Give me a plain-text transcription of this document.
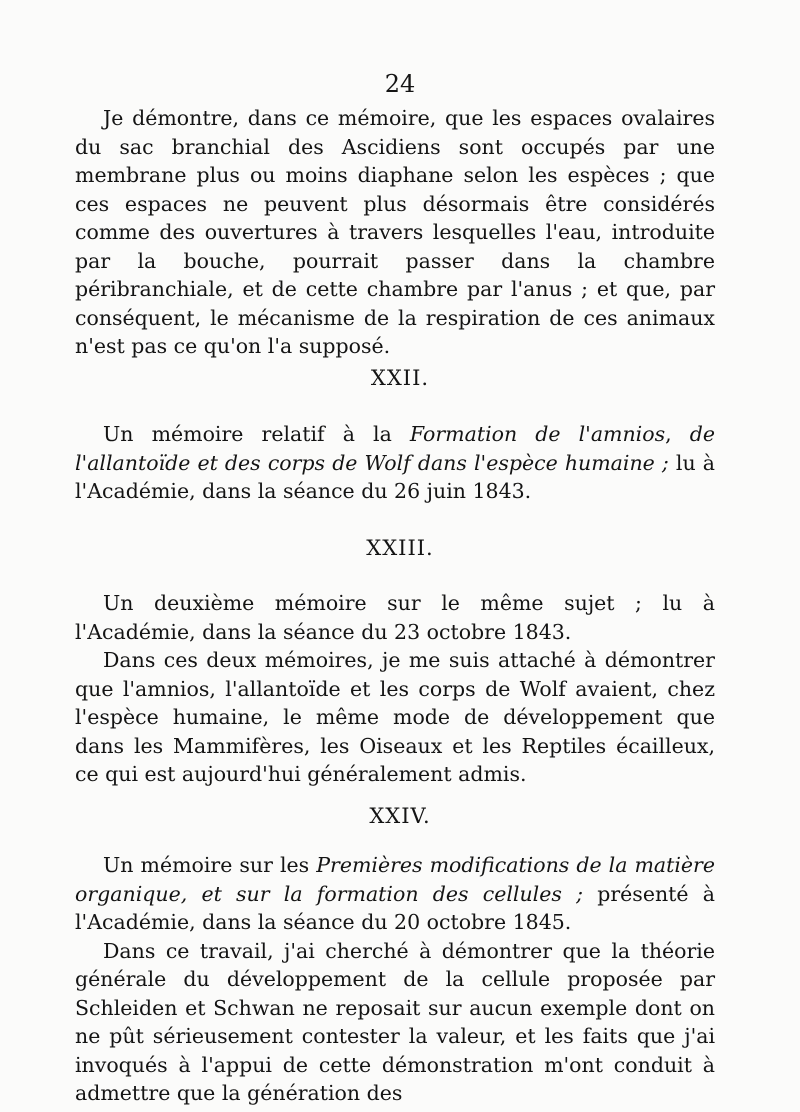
24

Je démontre, dans ce mémoire, que les espaces ovalaires du sac branchial des Ascidiens sont occupés par une membrane plus ou moins diaphane selon les espèces ; que ces espaces ne peuvent plus désormais être considérés comme des ouvertures à travers lesquelles l'eau, introduite par la bouche, pourrait passer dans la chambre péribranchiale, et de cette chambre par l'anus ; et que, par conséquent, le mécanisme de la respiration de ces animaux n'est pas ce qu'on l'a supposé.

XXII.

Un mémoire relatif à la Formation de l'amnios, de l'allantoïde et des corps de Wolf dans l'espèce humaine ; lu à l'Académie, dans la séance du 26 juin 1843.

XXIII.

Un deuxième mémoire sur le même sujet ; lu à l'Académie, dans la séance du 23 octobre 1843.

Dans ces deux mémoires, je me suis attaché à démontrer que l'amnios, l'allantoïde et les corps de Wolf avaient, chez l'espèce humaine, le même mode de développement que dans les Mammifères, les Oiseaux et les Reptiles écailleux, ce qui est aujourd'hui généralement admis.

XXIV.

Un mémoire sur les Premières modifications de la matière organique, et sur la formation des cellules ; présenté à l'Académie, dans la séance du 20 octobre 1845.

Dans ce travail, j'ai cherché à démontrer que la théorie générale du développement de la cellule proposée par Schleiden et Schwan ne reposait sur aucun exemple dont on ne pût sérieusement contester la valeur, et les faits que j'ai invoqués à l'appui de cette démonstration m'ont conduit à admettre que la génération des
